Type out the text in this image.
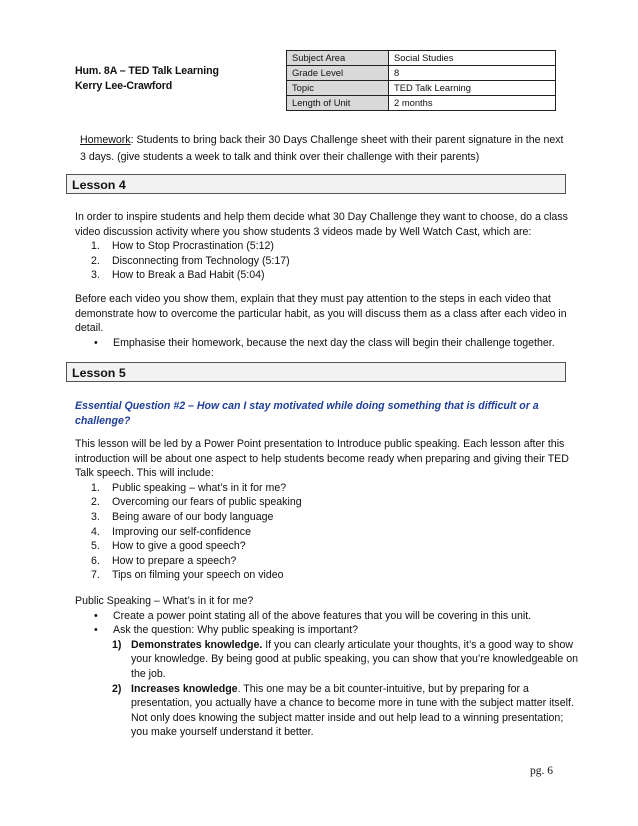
Hum. 8A – TED Talk Learning
Kerry Lee-Crawford
Subject Area	Social Studies
Grade Level	8
Topic	TED Talk Learning
Length of Unit	2 months
Homework: Students to bring back their 30 Days Challenge sheet with their parent signature in the next 3 days. (give students a week to talk and think over their challenge with their parents)
Lesson 4

In order to inspire students and help them decide what 30 Day Challenge they want to choose, do a class video discussion activity where you show students 3 videos made by Well Watch Cast, which are:

1.	How to Stop Procrastination (5:12)
2.	Disconnecting from Technology (5:17)
3.	How to Break a Bad Habit (5:04)

Before each video you show them, explain that they must pay attention to the steps in each video that demonstrate how to overcome the particular habit, as you will discuss them as a class after each video in detail.

•	Emphasise their homework, because the next day the class will begin their challenge together.
Lesson 5

Essential Question #2 – How can I stay motivated while doing something that is difficult or a challenge?

This lesson will be led by a Power Point presentation to Introduce public speaking. Each lesson after this introduction will be about one aspect to help students become ready when preparing and giving their TED Talk speech. This will include:

1.	Public speaking – what’s in it for me?
2.	Overcoming our fears of public speaking
3.	Being aware of our body language
4.	Improving our self-confidence
5.	How to give a good speech?
6.	How to prepare a speech?
7.	Tips on filming your speech on video

Public Speaking – What’s in it for me?

•	Create a power point stating all of the above features that you will be covering in this unit.
•	Ask the question: Why public speaking is important?
1) Demonstrates knowledge. If you can clearly articulate your thoughts, it’s a good way to show your knowledge. By being good at public speaking, you can show that you’re knowledgeable on the job.
2) Increases knowledge. This one may be a bit counter-intuitive, but by preparing for a presentation, you actually have a chance to become more in tune with the subject matter itself. Not only does knowing the subject matter inside and out help lead to a winning presentation; you make yourself understand it better.
pg. 6
